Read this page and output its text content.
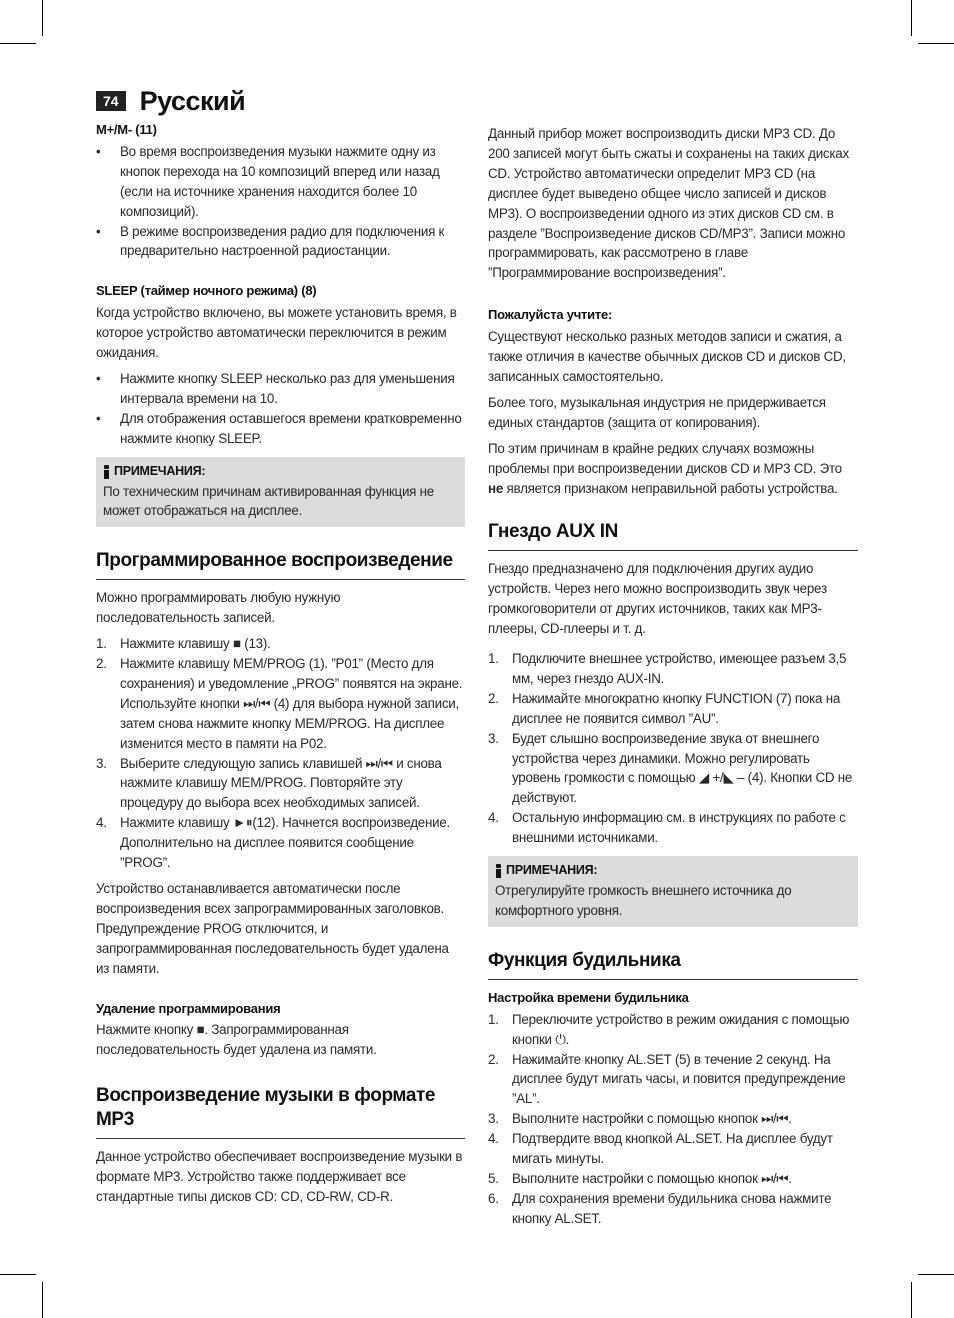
74 Русский
M+/M- (11)
• Во время воспроизведения музыки нажмите одну из кнопок перехода на 10 композиций вперед или назад (если на источнике хранения находится более 10 композиций).
• В режиме воспроизведения радио для подключения к предварительно настроенной радиостанции.
SLEEP (таймер ночного режима) (8)

Когда устройство включено, вы можете установить время, в которое устройство автоматически переключится в режим ожидания.

• Нажмите кнопку SLEEP несколько раз для уменьшения интервала времени на 10.
• Для отображения оставшегося времени кратковременно нажмите кнопку SLEEP.
ПРИМЕЧАНИЯ:
По техническим причинам активированная функция не может отображаться на дисплее.
Программированное воспроизведение

Можно программировать любую нужную последовательность записей.

1. Нажмите клавишу ■ (13).
2. Нажмите клавишу MEM/PROG (1). ”P01” (Место для сохранения) и уведомление „PROG” появятся на экране. Используйте кнопки ⏭/⏮ (4) для выбора нужной записи, затем снова нажмите кнопку MEM/PROG. На дисплее изменится место в памяти на P02.
3. Выберите следующую запись клавишей ⏭/⏮ и снова нажмите клавишу MEM/PROG. Повторяйте эту процедуру до выбора всех необходимых записей.
4. Нажмите клавишу ►⏸(12). Начнется воспроизведение. Дополнительно на дисплее появится сообщение ”PROG”.

Устройство останавливается автоматически после воспроизведения всех запрограммированных заголовков. Предупреждение PROG отключится, и запрограммированная последовательность будет удалена из памяти.

Удаление программирования

Нажмите кнопку ■. Запрограммированная последовательность будет удалена из памяти.

Воспроизведение музыки в формате MP3

Данное устройство обеспечивает воспроизведение музыки в формате MP3. Устройство также поддерживает все стандартные типы дисков CD: CD, CD-RW, CD-R.

Данный прибор может воспроизводить диски MP3 CD. До 200 записей могут быть сжаты и сохранены на таких дисках CD. Устройство автоматически определит MP3 CD (на дисплее будет выведено общее число записей и дисков MP3). О воспроизведении одного из этих дисков CD см. в разделе ”Воспроизведение дисков CD/MP3”. Записи можно программировать, как рассмотрено в главе ”Программирование воспроизведения”.

Пожалуйста учтите:

Существуют несколько разных методов записи и сжатия, а также отличия в качестве обычных дисков CD и дисков CD, записанных самостоятельно.

Более того, музыкальная индустрия не придерживается единых стандартов (защита от копирования).

По этим причинам в крайне редких случаях возможны проблемы при воспроизведении дисков CD и MP3 CD. Это не является признаком неправильной работы устройства.

Гнездо AUX IN

Гнездо предназначено для подключения других аудио устройств. Через него можно воспроизводить звук через громкоговорители от других источников, таких как MP3-плееры, CD-плееры и т. д.

1. Подключите внешнее устройство, имеющее разъем 3,5 мм, через гнездо AUX-IN.
2. Нажимайте многократно кнопку FUNCTION (7) пока на дисплее не появится символ ”AU”.
3. Будет слышно воспроизведение звука от внешнего устройства через динамики. Можно регулировать уровень громкости с помощью ◢ +/◣ – (4). Кнопки CD не действуют.
4. Остальную информацию см. в инструкциях по работе с внешними источниками.
ПРИМЕЧАНИЯ:
Отрегулируйте громкость внешнего источника до комфортного уровня.
Функция будильника
Настройка времени будильника
1. Переключите устройство в режим ожидания с помощью кнопки ⏻.
2. Нажимайте кнопку AL.SET (5) в течение 2 секунд. На дисплее будут мигать часы, и повится предупреждение ”AL”.
3. Выполните настройки с помощью кнопок ⏭/⏮.
4. Подтвердите ввод кнопкой AL.SET. На дисплее будут мигать минуты.
5. Выполните настройки с помощью кнопок ⏭/⏮.
6. Для сохранения времени будильника снова нажмите кнопку AL.SET.
